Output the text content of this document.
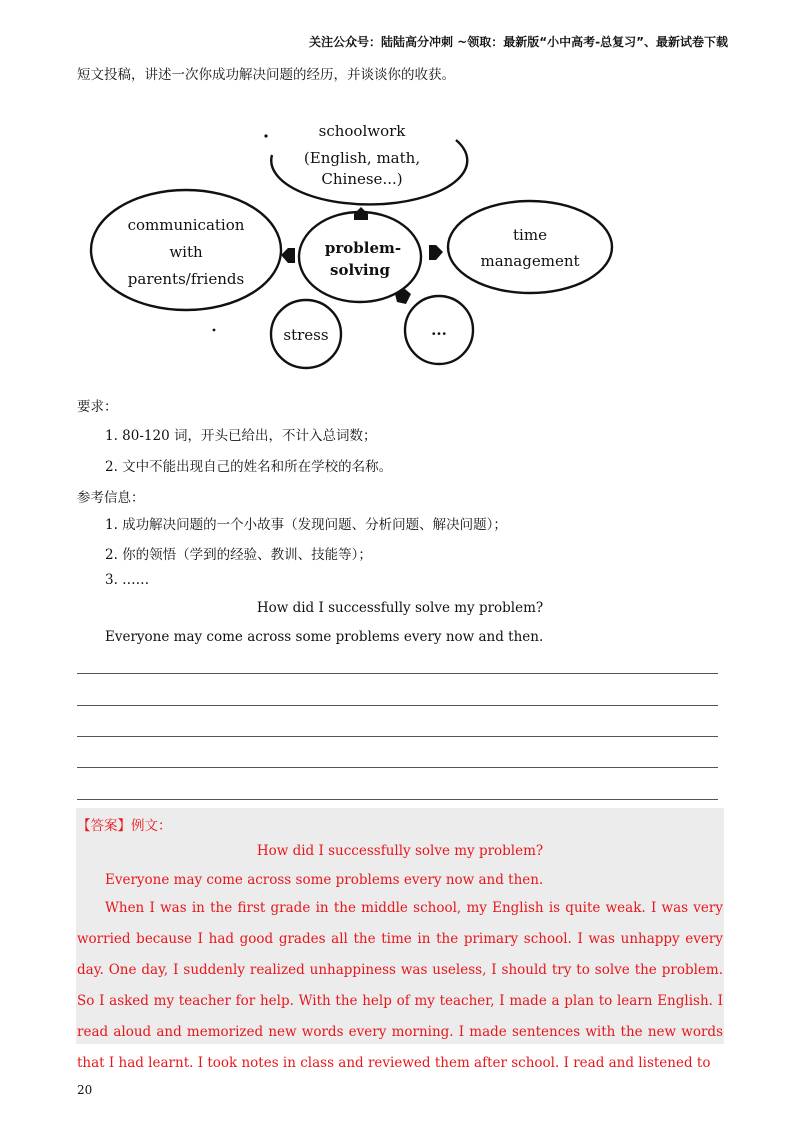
关注公众号：陆陆高分冲刺 ~领取：最新版“小中高考-总复习”、最新试卷下载
短文投稿，讲述一次你成功解决问题的经历，并谈谈你的收获。
schoolwork
(English, math,
Chinese...)
communication
with
parents/friends
problem-
solving
time
management
stress	...
要求：
1. 80-120 词，开头已给出，不计入总词数；
2. 文中不能出现自己的姓名和所在学校的名称。
参考信息：
1. 成功解决问题的一个小故事（发现问题、分析问题、解决问题）；
2. 你的领悟（学到的经验、教训、技能等）；
3. ……
How did I successfully solve my problem?
Everyone may come across some problems every now and then.
【答案】例文：
How did I successfully solve my problem?
Everyone may come across some problems every now and then.
When I was in the first grade in the middle school, my English is quite weak. I was very worried because I had good grades all the time in the primary school. I was unhappy every day. One day, I suddenly realized unhappiness was useless, I should try to solve the problem. So I asked my teacher for help. With the help of my teacher, I made a plan to learn English. I read aloud and memorized new words every morning. I made sentences with the new words that I had learnt. I took notes in class and reviewed them after school. I read and listened to
20
